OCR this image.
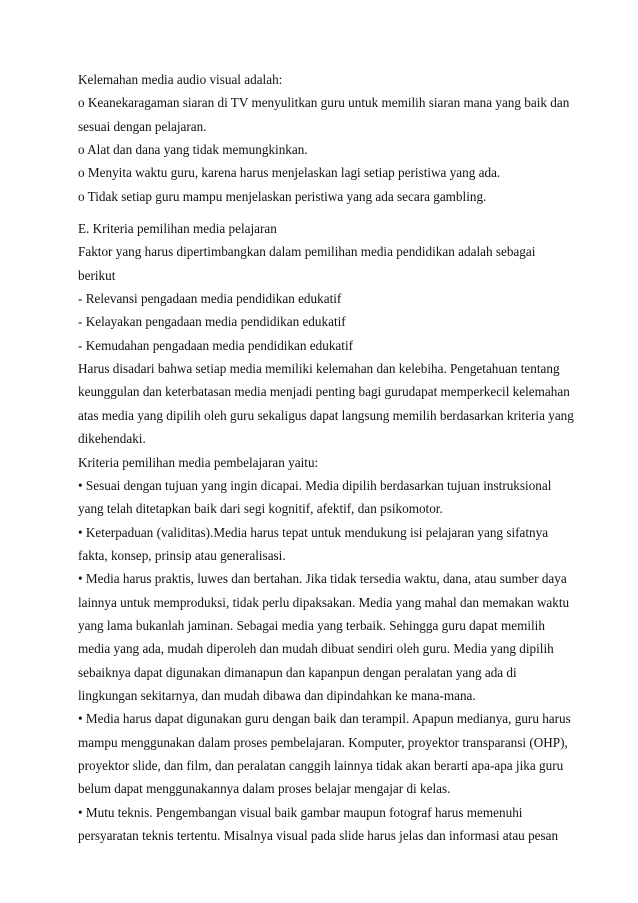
Kelemahan media audio visual adalah:
o Keanekaragaman siaran di TV menyulitkan guru untuk memilih siaran mana yang baik dan
sesuai dengan pelajaran.
o Alat dan dana yang tidak memungkinkan.
o Menyita waktu guru, karena harus menjelaskan lagi setiap peristiwa yang ada.
o Tidak setiap guru mampu menjelaskan peristiwa yang ada secara gambling.
E. Kriteria pemilihan media pelajaran
Faktor yang harus dipertimbangkan dalam pemilihan media pendidikan adalah sebagai
berikut
- Relevansi pengadaan media pendidikan edukatif
- Kelayakan pengadaan media pendidikan edukatif
- Kemudahan pengadaan media pendidikan edukatif
Harus disadari bahwa setiap media memiliki kelemahan dan kelebiha. Pengetahuan tentang
keunggulan dan keterbatasan media menjadi penting bagi gurudapat memperkecil kelemahan
atas media yang dipilih oleh guru sekaligus dapat langsung memilih berdasarkan kriteria yang
dikehendaki.
Kriteria pemilihan media pembelajaran yaitu:
• Sesuai dengan tujuan yang ingin dicapai. Media dipilih berdasarkan tujuan instruksional
yang telah ditetapkan baik dari segi kognitif, afektif, dan psikomotor.
• Keterpaduan (validitas).Media harus tepat untuk mendukung isi pelajaran yang sifatnya
fakta, konsep, prinsip atau generalisasi.
• Media harus praktis, luwes dan bertahan. Jika tidak tersedia waktu, dana, atau sumber daya
lainnya untuk memproduksi, tidak perlu dipaksakan. Media yang mahal dan memakan waktu
yang lama bukanlah jaminan. Sebagai media yang terbaik. Sehingga guru dapat memilih
media yang ada, mudah diperoleh dan mudah dibuat sendiri oleh guru. Media yang dipilih
sebaiknya dapat digunakan dimanapun dan kapanpun dengan peralatan yang ada di
lingkungan sekitarnya, dan mudah dibawa dan dipindahkan ke mana-mana.
• Media harus dapat digunakan guru dengan baik dan terampil. Apapun medianya, guru harus
mampu menggunakan dalam proses pembelajaran. Komputer, proyektor transparansi (OHP),
proyektor slide, dan film, dan peralatan canggih lainnya tidak akan berarti apa-apa jika guru
belum dapat menggunakannya dalam proses belajar mengajar di kelas.
• Mutu teknis. Pengembangan visual baik gambar maupun fotograf harus memenuhi
persyaratan teknis tertentu. Misalnya visual pada slide harus jelas dan informasi atau pesan
